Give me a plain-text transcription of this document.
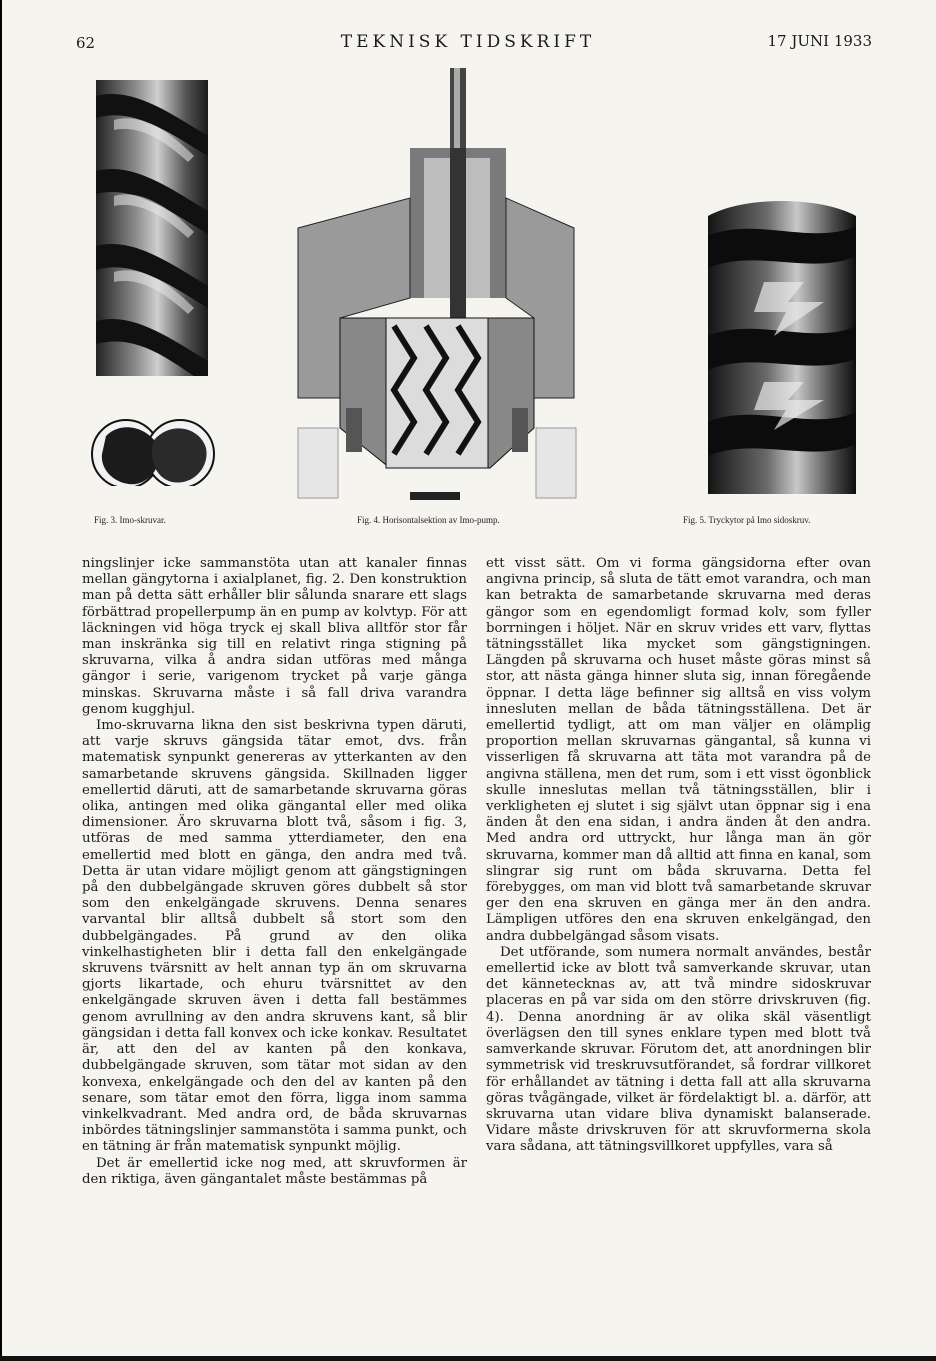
62	TEKNISK TIDSKRIFT	17 JUNI 1933
Fig. 3. Imo-skruvar.	Fig. 4. Horisontalsektion av Imo-pump.	Fig. 5. Tryckytor på Imo sidoskruv.

ningslinjer icke sammanstöta utan att kanaler finnas mellan gängytorna i axialplanet, fig. 2. Den konstruktion man på detta sätt erhåller blir sålunda snarare ett slags förbättrad propellerpump än en pump av kolvtyp. För att läckningen vid höga tryck ej skall bliva alltför stor får man inskränka sig till en relativt ringa stigning på skruvarna, vilka å andra sidan utföras med många gängor i serie, varigenom trycket på varje gänga minskas. Skruvarna måste i så fall driva varandra genom kugghjul.

Imo-skruvarna likna den sist beskrivna typen däruti, att varje skruvs gängsida tätar emot, dvs. från matematisk synpunkt genereras av ytterkanten av den samarbetande skruvens gängsida. Skillnaden ligger emellertid däruti, att de samarbetande skruvarna göras olika, antingen med olika gängantal eller med olika dimensioner. Äro skruvarna blott två, såsom i fig. 3, utföras de med samma ytterdiameter, den ena emellertid med blott en gänga, den andra med två. Detta är utan vidare möjligt genom att gängstigningen på den dubbelgängade skruven göres dubbelt så stor som den enkelgängade skruvens. Denna senares varvantal blir alltså dubbelt så stort som den dubbelgängades. På grund av den olika vinkelhastigheten blir i detta fall den enkelgängade skruvens tvärsnitt av helt annan typ än om skruvarna gjorts likartade, och ehuru tvärsnittet av den enkelgängade skruven även i detta fall bestämmes genom avrullning av den andra skruvens kant, så blir gängsidan i detta fall konvex och icke konkav. Resultatet är, att den del av kanten på den konkava, dubbelgängade skruven, som tätar mot sidan av den konvexa, enkelgängade och den del av kanten på den senare, som tätar emot den förra, ligga inom samma vinkelkvadrant. Med andra ord, de båda skruvarnas inbördes tätningslinjer sammanstöta i samma punkt, och en tätning är från matematisk synpunkt möjlig.

Det är emellertid icke nog med, att skruvformen är den riktiga, även gängantalet måste bestämmas på

ett visst sätt. Om vi forma gängsidorna efter ovan angivna princip, så sluta de tätt emot varandra, och man kan betrakta de samarbetande skruvarna med deras gängor som en egendomligt formad kolv, som fyller borrningen i höljet. När en skruv vrides ett varv, flyttas tätningsstället lika mycket som gängstigningen. Längden på skruvarna och huset måste göras minst så stor, att nästa gänga hinner sluta sig, innan föregående öppnar. I detta läge befinner sig alltså en viss volym innesluten mellan de båda tätningsställena. Det är emellertid tydligt, att om man väljer en olämplig proportion mellan skruvarnas gängantal, så kunna vi visserligen få skruvarna att täta mot varandra på de angivna ställena, men det rum, som i ett visst ögonblick skulle inneslutas mellan två tätningsställen, blir i verkligheten ej slutet i sig självt utan öppnar sig i ena änden åt den ena sidan, i andra änden åt den andra. Med andra ord uttryckt, hur långa man än gör skruvarna, kommer man då alltid att finna en kanal, som slingrar sig runt om båda skruvarna. Detta fel förebygges, om man vid blott två samarbetande skruvar ger den ena skruven en gänga mer än den andra. Lämpligen utföres den ena skruven enkelgängad, den andra dubbelgängad såsom visats.

Det utförande, som numera normalt användes, består emellertid icke av blott två samverkande skruvar, utan det kännetecknas av, att två mindre sidoskruvar placeras en på var sida om den större drivskruven (fig. 4). Denna anordning är av olika skäl väsentligt överlägsen den till synes enklare typen med blott två samverkande skruvar. Förutom det, att anordningen blir symmetrisk vid treskruvsutförandet, så fordrar villkoret för erhållandet av tätning i detta fall att alla skruvarna göras tvågängade, vilket är fördelaktigt bl. a. därför, att skruvarna utan vidare bliva dynamiskt balanserade. Vidare måste drivskruven för att skruvformerna skola vara sådana, att tätningsvillkoret uppfylles, vara så
